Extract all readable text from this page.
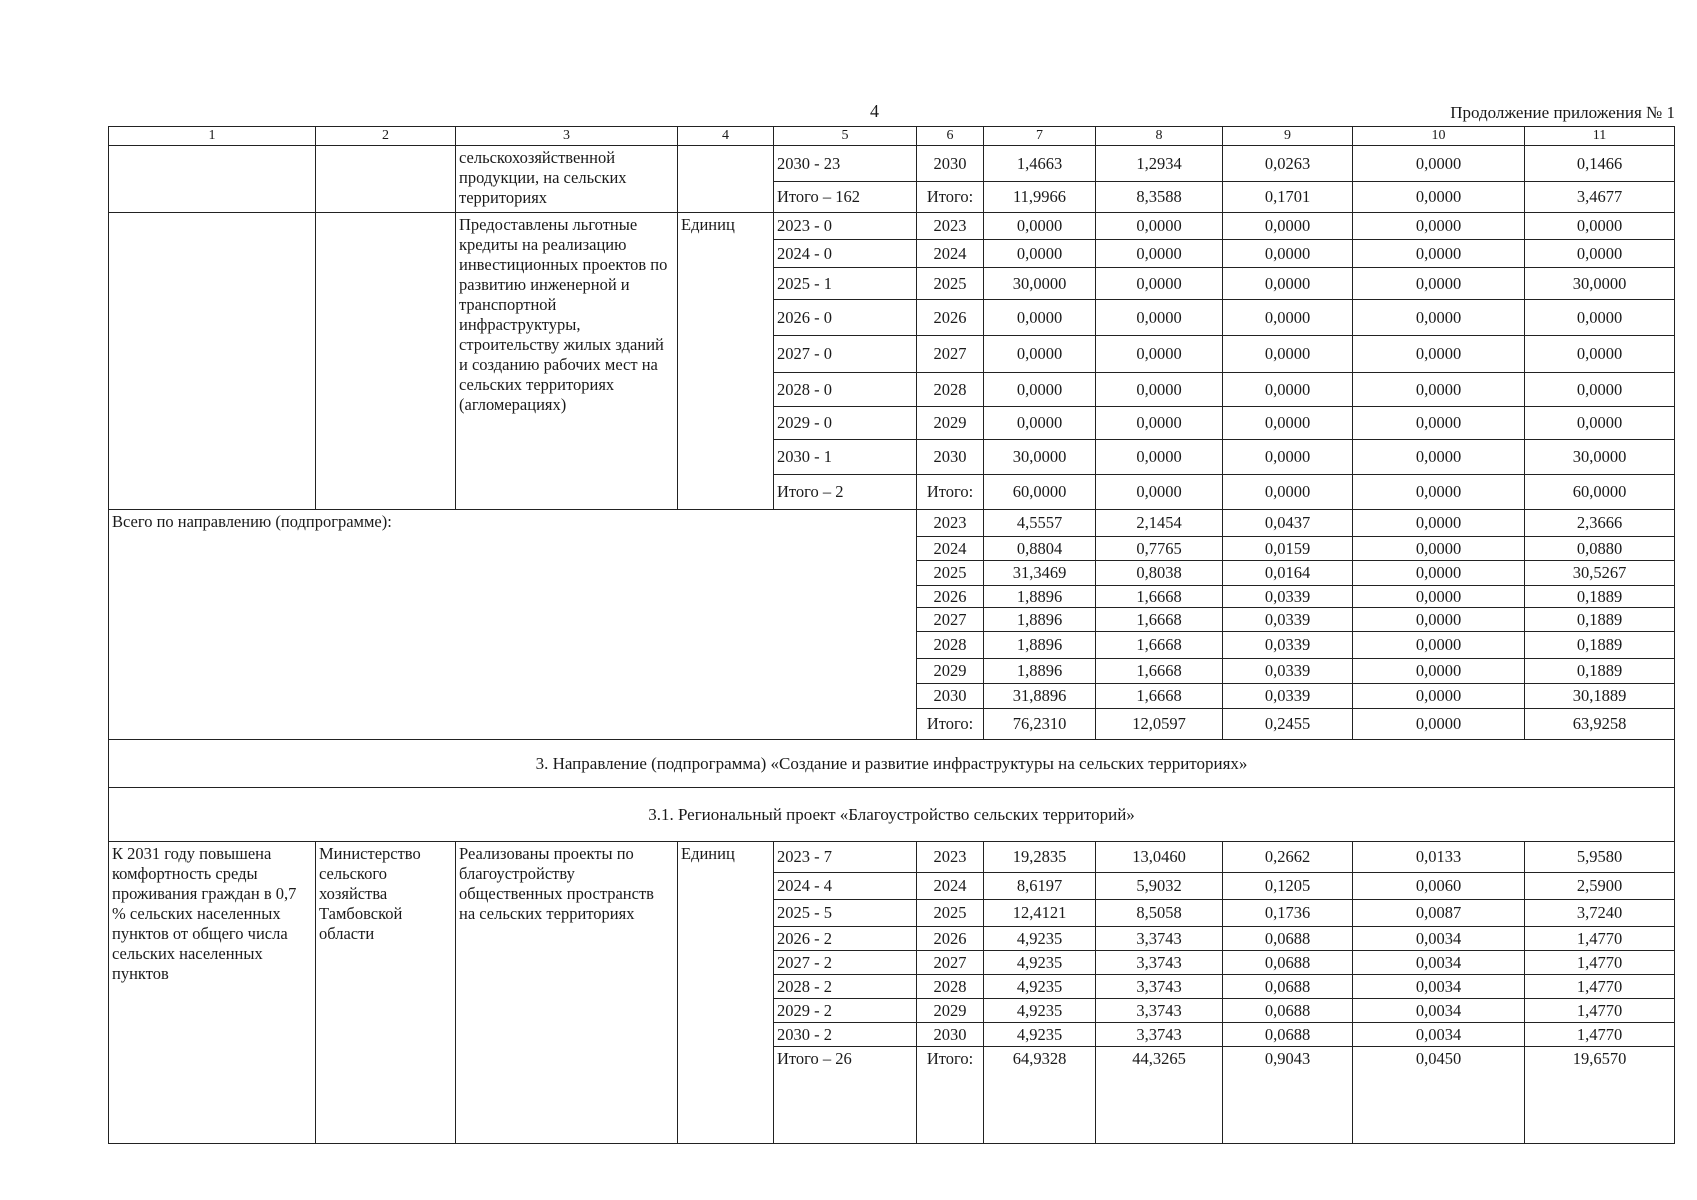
4	Продолжение приложения № 1
1	2	3	4	5	6	7	8	9	10	11
		сельскохозяйственной продукции, на сельских территориях		2030 - 23	2030	1,4663	1,2934	0,0263	0,0000	0,1466
				Итого – 162	Итого:	11,9966	8,3588	0,1701	0,0000	3,4677
		Предоставлены льготные кредиты на реализацию инвестиционных проектов по развитию инженерной и транспортной инфраструктуры, строительству жилых зданий и созданию рабочих мест на сельских территориях (агломерациях)	Единиц	2023 - 0	2023	0,0000	0,0000	0,0000	0,0000	0,0000
				2024 - 0	2024	0,0000	0,0000	0,0000	0,0000	0,0000
				2025 - 1	2025	30,0000	0,0000	0,0000	0,0000	30,0000
				2026 - 0	2026	0,0000	0,0000	0,0000	0,0000	0,0000
				2027 - 0	2027	0,0000	0,0000	0,0000	0,0000	0,0000
				2028 - 0	2028	0,0000	0,0000	0,0000	0,0000	0,0000
				2029 - 0	2029	0,0000	0,0000	0,0000	0,0000	0,0000
				2030 - 1	2030	30,0000	0,0000	0,0000	0,0000	30,0000
				Итого – 2	Итого:	60,0000	0,0000	0,0000	0,0000	60,0000
Всего по направлению (подпрограмме):					2023	4,5557	2,1454	0,0437	0,0000	2,3666
					2024	0,8804	0,7765	0,0159	0,0000	0,0880
					2025	31,3469	0,8038	0,0164	0,0000	30,5267
					2026	1,8896	1,6668	0,0339	0,0000	0,1889
					2027	1,8896	1,6668	0,0339	0,0000	0,1889
					2028	1,8896	1,6668	0,0339	0,0000	0,1889
					2029	1,8896	1,6668	0,0339	0,0000	0,1889
					2030	31,8896	1,6668	0,0339	0,0000	30,1889
					Итого:	76,2310	12,0597	0,2455	0,0000	63,9258
3. Направление (подпрограмма) «Создание и развитие инфраструктуры на сельских территориях»										
3.1. Региональный проект «Благоустройство сельских территорий»										
К 2031 году повышена комфортность среды проживания граждан в 0,7 % сельских населенных пунктов от общего числа сельских населенных пунктов	Министерство сельского хозяйства Тамбовской области	Реализованы проекты по благоустройству общественных пространств на сельских территориях	Единиц	2023 - 7	2023	19,2835	13,0460	0,2662	0,0133	5,9580
				2024 - 4	2024	8,6197	5,9032	0,1205	0,0060	2,5900
				2025 - 5	2025	12,4121	8,5058	0,1736	0,0087	3,7240
				2026 - 2	2026	4,9235	3,3743	0,0688	0,0034	1,4770
				2027 - 2	2027	4,9235	3,3743	0,0688	0,0034	1,4770
				2028 - 2	2028	4,9235	3,3743	0,0688	0,0034	1,4770
				2029 - 2	2029	4,9235	3,3743	0,0688	0,0034	1,4770
				2030 - 2	2030	4,9235	3,3743	0,0688	0,0034	1,4770
				Итого – 26	Итого:	64,9328	44,3265	0,9043	0,0450	19,6570
